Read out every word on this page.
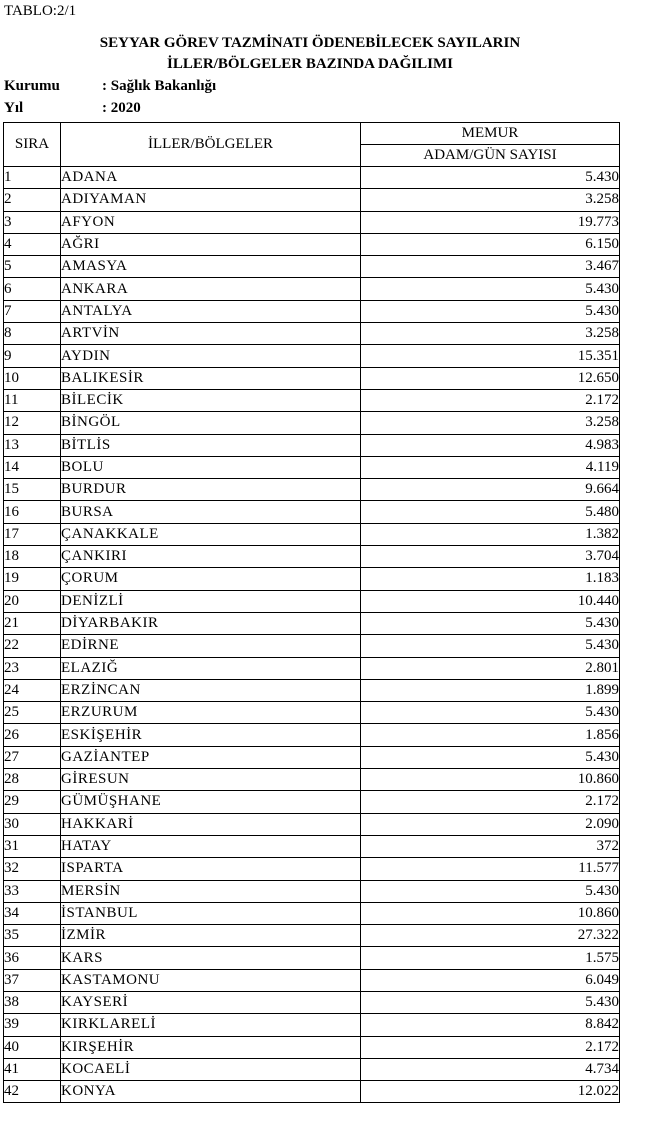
TABLO:2/1
SEYYAR GÖREV TAZMİNATI ÖDENEBİLECEK SAYILARIN
İLLER/BÖLGELER BAZINDA DAĞILIMI
Kurumu	: Sağlık Bakanlığı
Yıl	: 2020
SIRA	İLLER/BÖLGELER	MEMUR
		ADAM/GÜN SAYISI
1	ADANA	5.430
2	ADIYAMAN	3.258
3	AFYON	19.773
4	AĞRI	6.150
5	AMASYA	3.467
6	ANKARA	5.430
7	ANTALYA	5.430
8	ARTVİN	3.258
9	AYDIN	15.351
10	BALIKESİR	12.650
11	BİLECİK	2.172
12	BİNGÖL	3.258
13	BİTLİS	4.983
14	BOLU	4.119
15	BURDUR	9.664
16	BURSA	5.480
17	ÇANAKKALE	1.382
18	ÇANKIRI	3.704
19	ÇORUM	1.183
20	DENİZLİ	10.440
21	DİYARBAKIR	5.430
22	EDİRNE	5.430
23	ELAZIĞ	2.801
24	ERZİNCAN	1.899
25	ERZURUM	5.430
26	ESKİŞEHİR	1.856
27	GAZİANTEP	5.430
28	GİRESUN	10.860
29	GÜMÜŞHANE	2.172
30	HAKKARİ	2.090
31	HATAY	372
32	ISPARTA	11.577
33	MERSİN	5.430
34	İSTANBUL	10.860
35	İZMİR	27.322
36	KARS	1.575
37	KASTAMONU	6.049
38	KAYSERİ	5.430
39	KIRKLARELİ	8.842
40	KIRŞEHİR	2.172
41	KOCAELİ	4.734
42	KONYA	12.022
